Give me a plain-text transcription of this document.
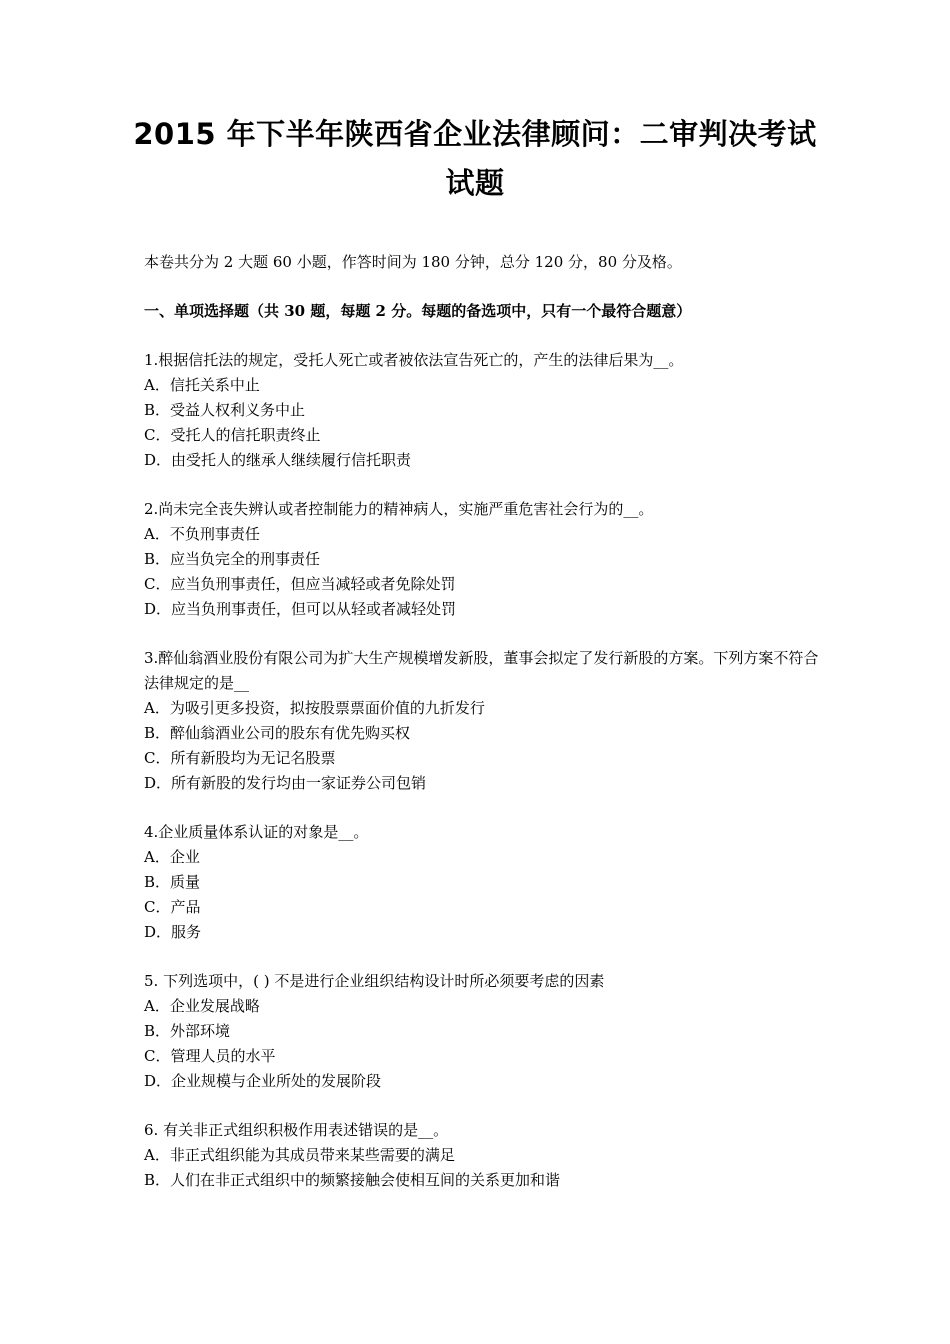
2015 年下半年陕西省企业法律顾问：二审判决考试
试题
本卷共分为 2 大题 60 小题，作答时间为 180 分钟，总分 120 分，80 分及格。
一、单项选择题（共 30 题，每题 2 分。每题的备选项中，只有一个最符合题意）
1.根据信托法的规定，受托人死亡或者被依法宣告死亡的，产生的法律后果为__。
A．信托关系中止
B．受益人权利义务中止
C．受托人的信托职责终止
D．由受托人的继承人继续履行信托职责
2.尚未完全丧失辨认或者控制能力的精神病人，实施严重危害社会行为的__。
A．不负刑事责任
B．应当负完全的刑事责任
C．应当负刑事责任，但应当减轻或者免除处罚
D．应当负刑事责任，但可以从轻或者减轻处罚
3.醉仙翁酒业股份有限公司为扩大生产规模增发新股，董事会拟定了发行新股的方案。下列方案不符合法律规定的是__
A．为吸引更多投资，拟按股票票面价值的九折发行
B．醉仙翁酒业公司的股东有优先购买权
C．所有新股均为无记名股票
D．所有新股的发行均由一家证券公司包销
4.企业质量体系认证的对象是__。
A．企业
B．质量
C．产品
D．服务
5. 下列选项中，( ) 不是进行企业组织结构设计时所必须要考虑的因素
A．企业发展战略
B．外部环境
C．管理人员的水平
D．企业规模与企业所处的发展阶段
6. 有关非正式组织积极作用表述错误的是__。
A．非正式组织能为其成员带来某些需要的满足
B．人们在非正式组织中的频繁接触会使相互间的关系更加和谐
